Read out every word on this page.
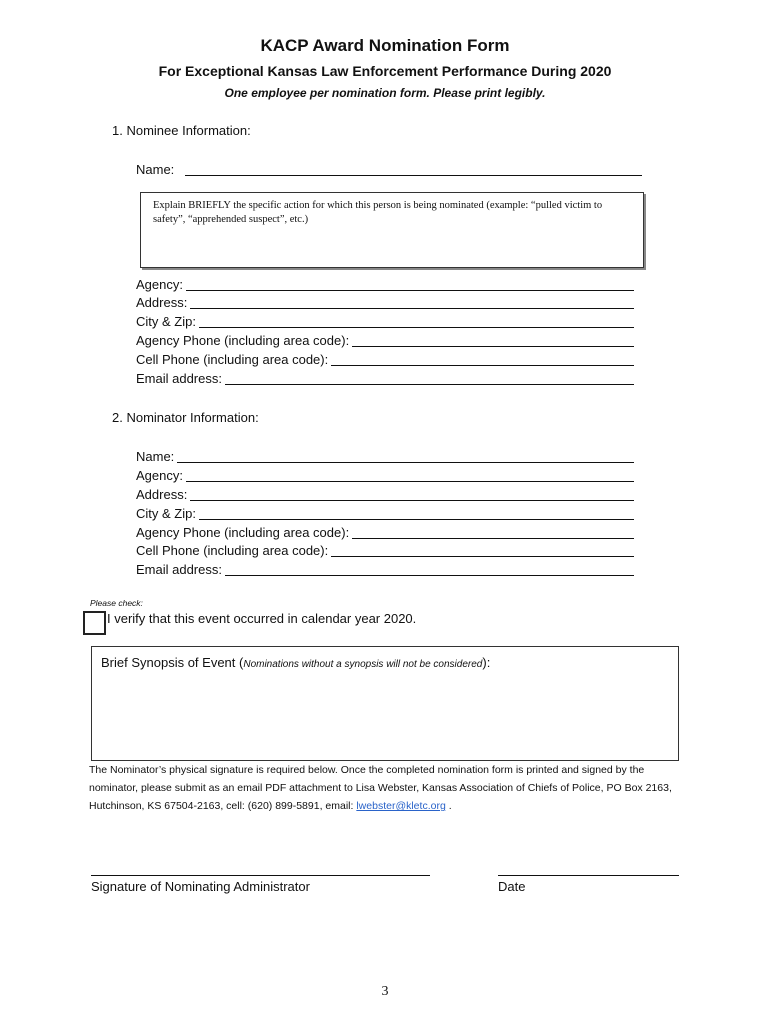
KACP Award Nomination Form
For Exceptional Kansas Law Enforcement Performance During 2020
One employee per nomination form. Please print legibly.
1. Nominee Information:
Name:
Explain BRIEFLY the specific action for which this person is being nominated (example: “pulled victim to safety”, “apprehended suspect”, etc.)
Agency:
Address:
City & Zip:
Agency Phone (including area code):
Cell Phone (including area code):
Email address:
2. Nominator Information:
Name:
Agency:
Address:
City & Zip:
Agency Phone (including area code):
Cell Phone (including area code):
Email address:
Please check:
I verify that this event occurred in calendar year 2020.
Brief Synopsis of Event (Nominations without a synopsis will not be considered):
The Nominator’s physical signature is required below. Once the completed nomination form is printed and signed by the nominator, please submit as an email PDF attachment to Lisa Webster, Kansas Association of Chiefs of Police, PO Box 2163, Hutchinson, KS 67504-2163, cell: (620) 899-5891, email: lwebster@kletc.org .
Signature of Nominating Administrator	Date
3
